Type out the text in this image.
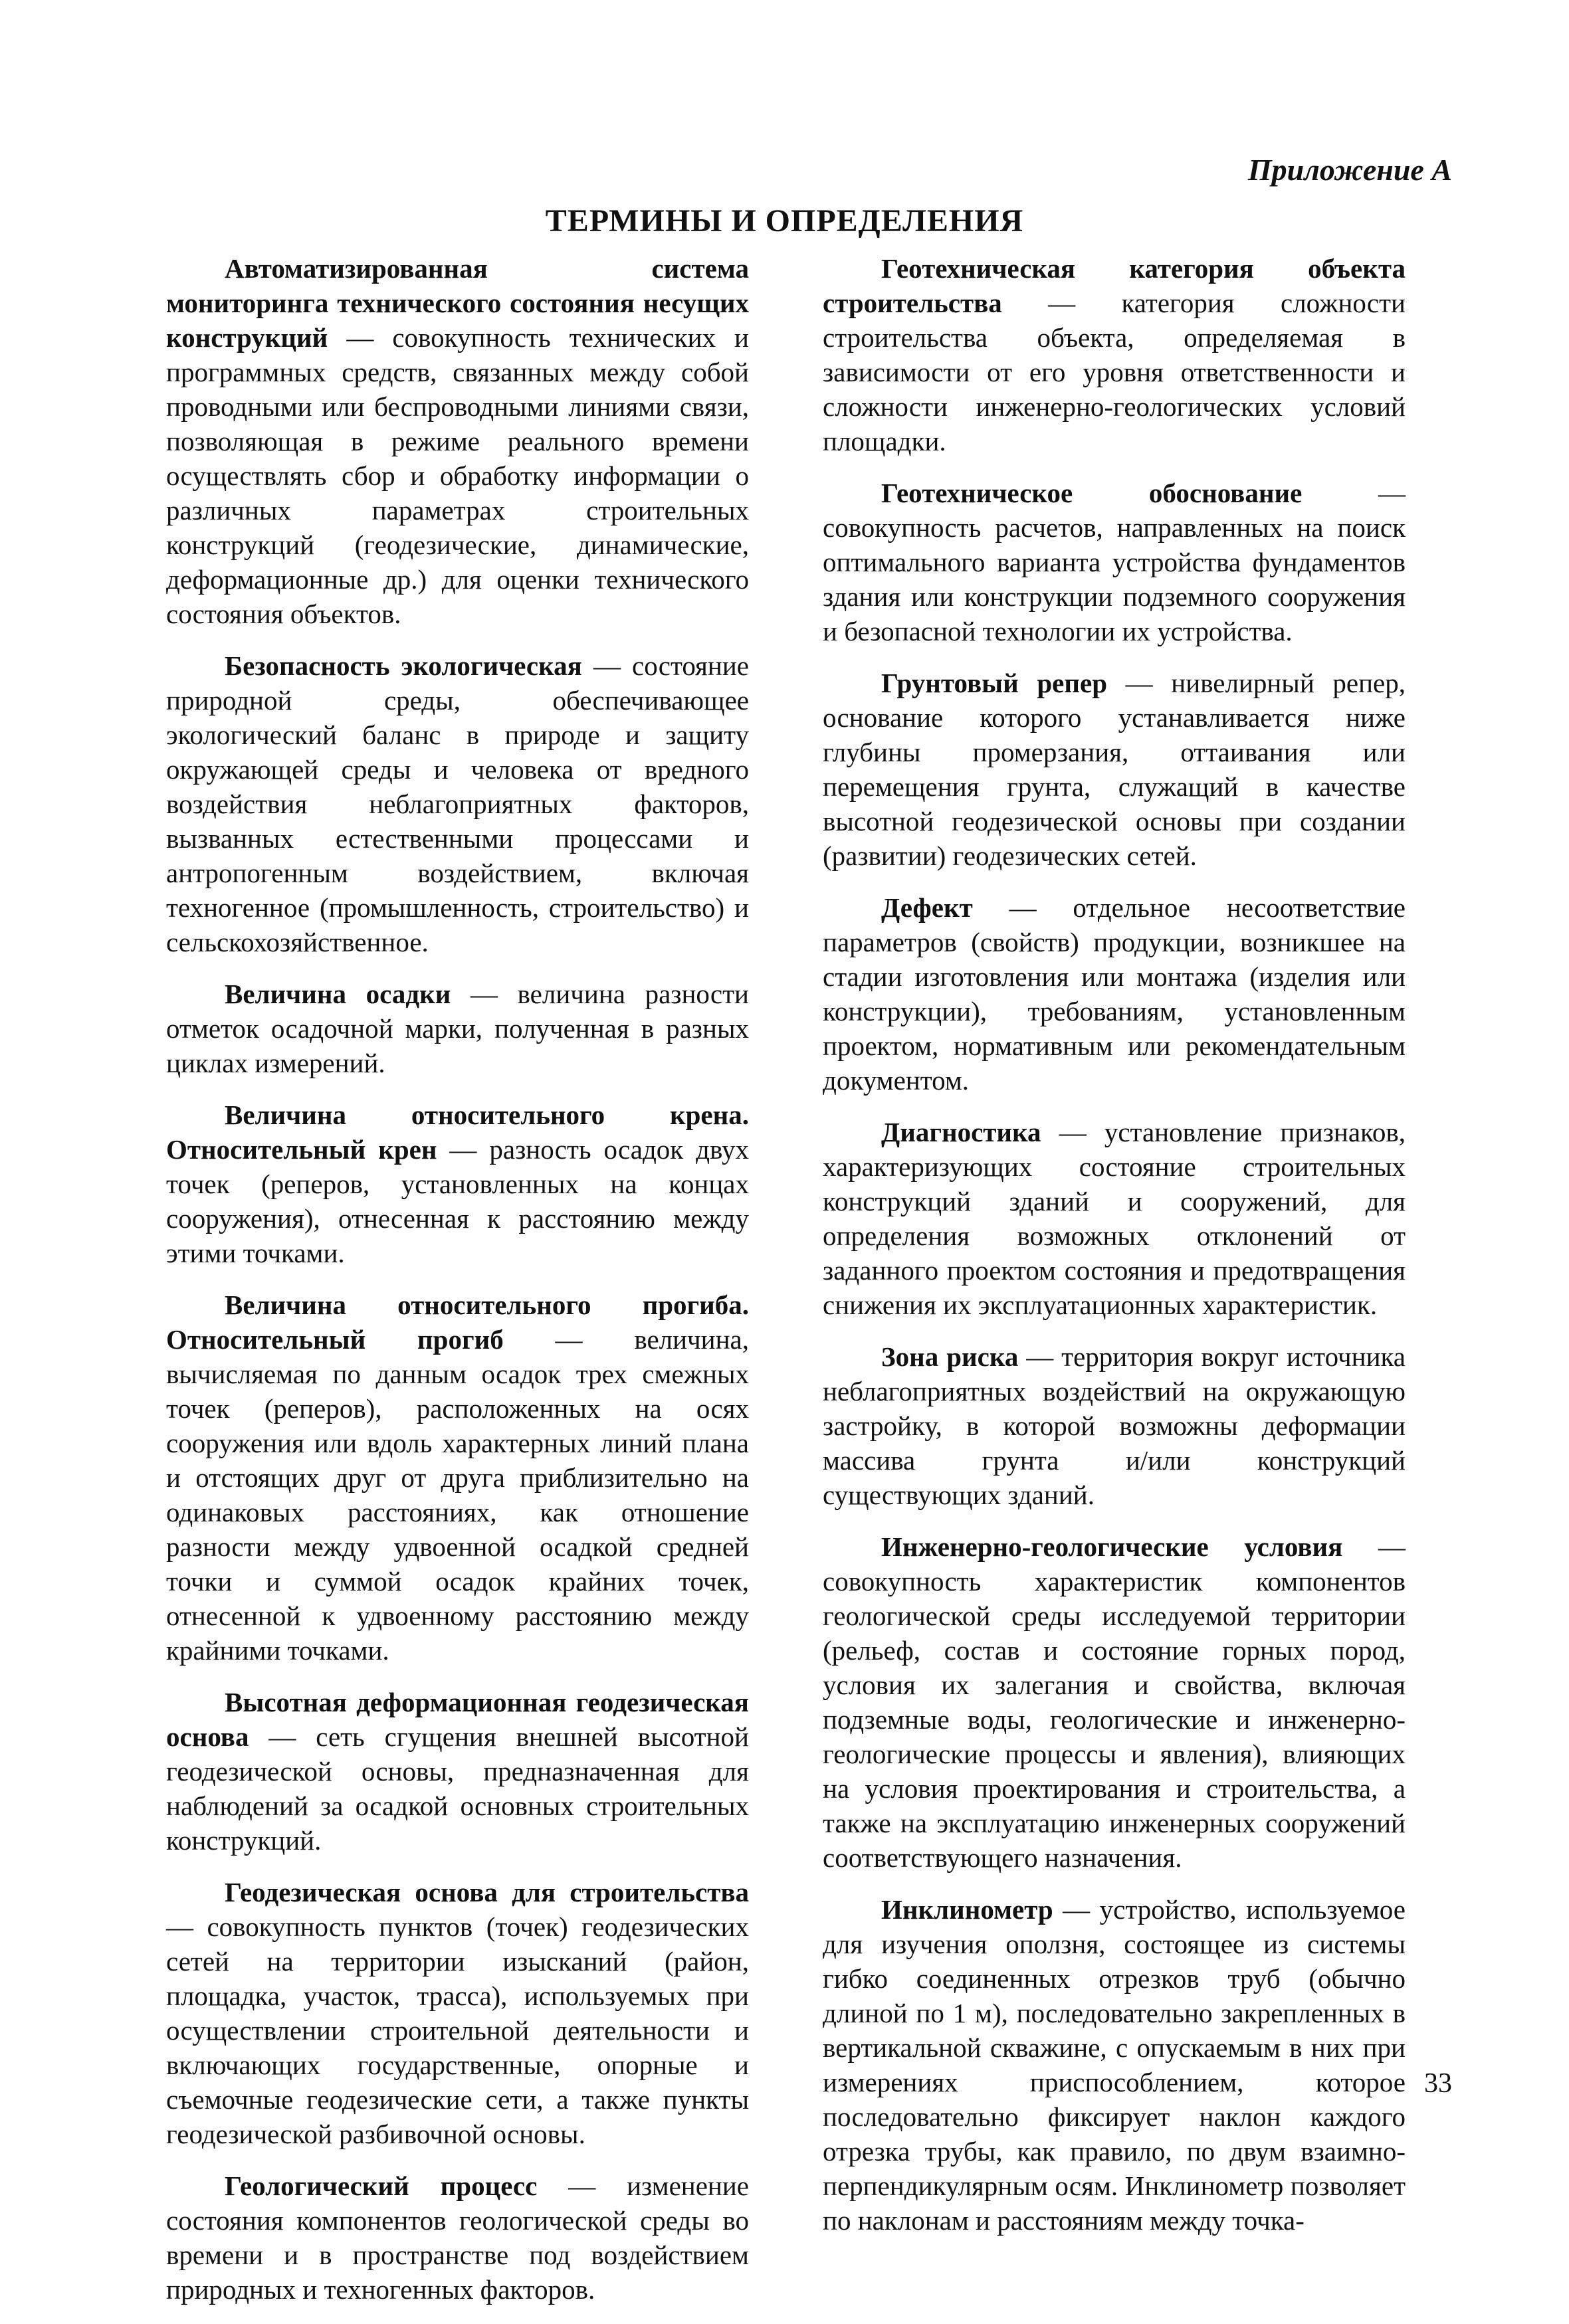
Приложение А
ТЕРМИНЫ И ОПРЕДЕЛЕНИЯ

Автоматизированная система мониторинга технического состояния несущих конструкций — совокупность технических и программных средств, связанных между собой проводными или беспроводными линиями связи, позволяющая в режиме реального времени осуществлять сбор и обработку информации о различных параметрах строительных конструкций (геодезические, динамические, деформационные др.) для оценки технического состояния объектов.

Безопасность экологическая — состояние природной среды, обеспечивающее экологический баланс в природе и защиту окружающей среды и человека от вредного воздействия неблагоприятных факторов, вызванных естественными процессами и антропогенным воздействием, включая техногенное (промышленность, строительство) и сельскохозяйственное.

Величина осадки — величина разности отметок осадочной марки, полученная в разных циклах измерений.

Величина относительного крена. Относительный крен — разность осадок двух точек (реперов, установленных на концах сооружения), отнесенная к расстоянию между этими точками.

Величина относительного прогиба. Относительный прогиб — величина, вычисляемая по данным осадок трех смежных точек (реперов), расположенных на осях сооружения или вдоль характерных линий плана и отстоящих друг от друга приблизительно на одинаковых расстояниях, как отношение разности между удвоенной осадкой средней точки и суммой осадок крайних точек, отнесенной к удвоенному расстоянию между крайними точками.

Высотная деформационная геодезическая основа — сеть сгущения внешней высотной геодезической основы, предназначенная для наблюдений за осадкой основных строительных конструкций.

Геодезическая основа для строительства — совокупность пунктов (точек) геодезических сетей на территории изысканий (район, площадка, участок, трасса), используемых при осуществлении строительной деятельности и включающих государственные, опорные и съемочные геодезические сети, а также пункты геодезической разбивочной основы.

Геологический процесс — изменение состояния компонентов геологической среды во времени и в пространстве под воздействием природных и техногенных факторов.

Геотехническая категория объекта строительства — категория сложности строительства объекта, определяемая в зависимости от его уровня ответственности и сложности инженерно-геологических условий площадки.

Геотехническое обоснование — совокупность расчетов, направленных на поиск оптимального варианта устройства фундаментов здания или конструкции подземного сооружения и безопасной технологии их устройства.

Грунтовый репер — нивелирный репер, основание которого устанавливается ниже глубины промерзания, оттаивания или перемещения грунта, служащий в качестве высотной геодезической основы при создании (развитии) геодезических сетей.

Дефект — отдельное несоответствие параметров (свойств) продукции, возникшее на стадии изготовления или монтажа (изделия или конструкции), требованиям, установленным проектом, нормативным или рекомендательным документом.

Диагностика — установление признаков, характеризующих состояние строительных конструкций зданий и сооружений, для определения возможных отклонений от заданного проектом состояния и предотвращения снижения их эксплуатационных характеристик.

Зона риска — территория вокруг источника неблагоприятных воздействий на окружающую застройку, в которой возможны деформации массива грунта и/или конструкций существующих зданий.

Инженерно-геологические условия — совокупность характеристик компонентов геологической среды исследуемой территории (рельеф, состав и состояние горных пород, условия их залегания и свойства, включая подземные воды, геологические и инженерно-геологические процессы и явления), влияющих на условия проектирования и строительства, а также на эксплуатацию инженерных сооружений соответствующего назначения.

Инклинометр — устройство, используемое для изучения оползня, состоящее из системы гибко соединенных отрезков труб (обычно длиной по 1 м), последовательно закрепленных в вертикальной скважине, с опускаемым в них при измерениях приспособлением, которое последовательно фиксирует наклон каждого отрезка трубы, как правило, по двум взаимно-перпендикулярным осям. Инклинометр позволяет по наклонам и расстояниям между точка-

33
